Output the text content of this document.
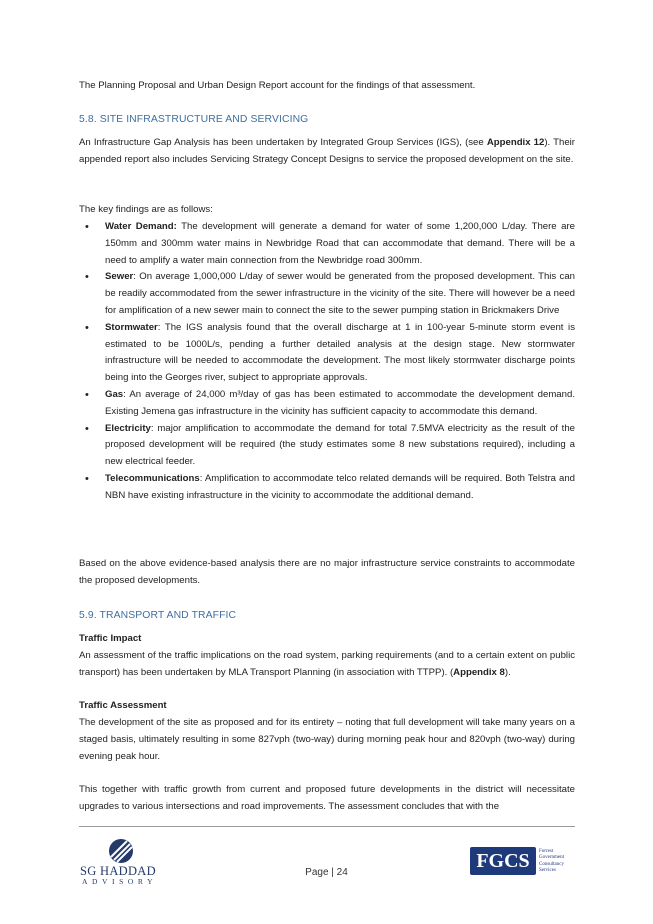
The Planning Proposal and Urban Design Report account for the findings of that assessment.

5.8. SITE INFRASTRUCTURE AND SERVICING

An Infrastructure Gap Analysis has been undertaken by Integrated Group Services (IGS), (see Appendix 12). Their appended report also includes Servicing Strategy Concept Designs to service the proposed development on the site.

The key findings are as follows:

• Water Demand: The development will generate a demand for water of some 1,200,000 L/day. There are 150mm and 300mm water mains in Newbridge Road that can accommodate that demand. There will be a need to amplify a water main connection from the Newbridge road 300mm.
• Sewer: On average 1,000,000 L/day of sewer would be generated from the proposed development. This can be readily accommodated from the sewer infrastructure in the vicinity of the site. There will however be a need for amplification of a new sewer main to connect the site to the sewer pumping station in Brickmakers Drive
• Stormwater: The IGS analysis found that the overall discharge at 1 in 100-year 5-minute storm event is estimated to be 1000L/s, pending a further detailed analysis at the design stage. New stormwater infrastructure will be needed to accommodate the development. The most likely stormwater discharge points being into the Georges river, subject to appropriate approvals.
• Gas: An average of 24,000 m³/day of gas has been estimated to accommodate the development demand. Existing Jemena gas infrastructure in the vicinity has sufficient capacity to accommodate this demand.
• Electricity: major amplification to accommodate the demand for total 7.5MVA electricity as the result of the proposed development will be required (the study estimates some 8 new substations required), including a new electrical feeder.
• Telecommunications: Amplification to accommodate telco related demands will be required. Both Telstra and NBN have existing infrastructure in the vicinity to accommodate the additional demand.

Based on the above evidence-based analysis there are no major infrastructure service constraints to accommodate the proposed developments.

5.9. TRANSPORT AND TRAFFIC
Traffic Impact

An assessment of the traffic implications on the road system, parking requirements (and to a certain extent on public transport) has been undertaken by MLA Transport Planning (in association with TTPP). (Appendix 8).

Traffic Assessment

The development of the site as proposed and for its entirety – noting that full development will take many years on a staged basis, ultimately resulting in some 827vph (two-way) during morning peak hour and 820vph (two-way) during evening peak hour.

This together with traffic growth from current and proposed future developments in the district will necessitate upgrades to various intersections and road improvements. The assessment concludes that with the

SG HADDAD
ADVISORY
Page | 24
FGCS	Forrest
Government
Consultancy
Services
